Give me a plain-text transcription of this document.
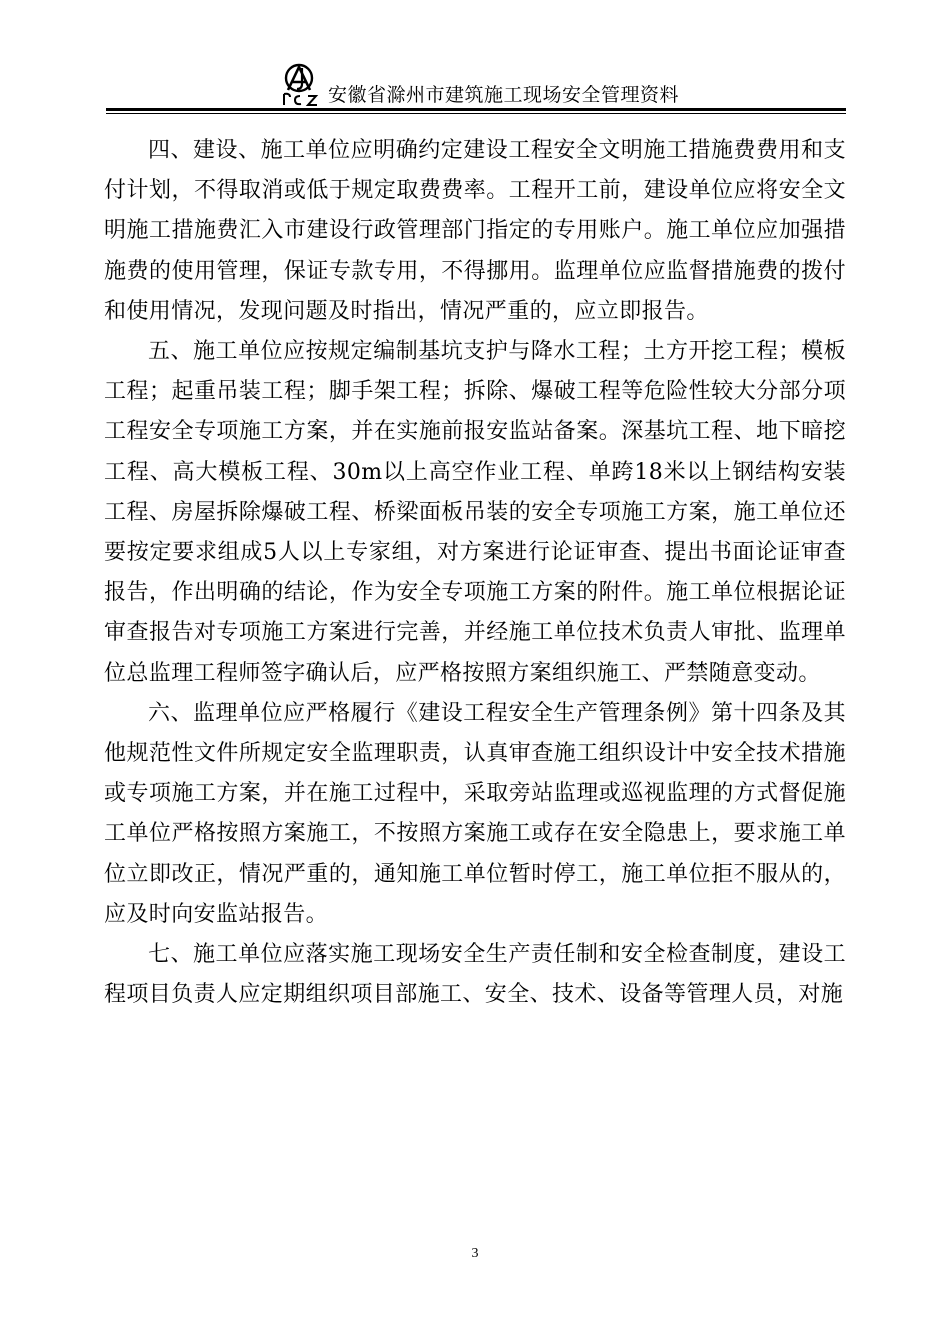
安徽省滁州市建筑施工现场安全管理资料

四、建设、施工单位应明确约定建设工程安全文明施工措施费费用和支付计划，不得取消或低于规定取费费率。工程开工前，建设单位应将安全文明施工措施费汇入市建设行政管理部门指定的专用账户。施工单位应加强措施费的使用管理，保证专款专用，不得挪用。监理单位应监督措施费的拨付和使用情况，发现问题及时指出，情况严重的，应立即报告。

五、施工单位应按规定编制基坑支护与降水工程；土方开挖工程；模板工程；起重吊装工程；脚手架工程；拆除、爆破工程等危险性较大分部分项工程安全专项施工方案，并在实施前报安监站备案。深基坑工程、地下暗挖工程、高大模板工程、30m以上高空作业工程、单跨18米以上钢结构安装工程、房屋拆除爆破工程、桥梁面板吊装的安全专项施工方案，施工单位还要按定要求组成5人以上专家组，对方案进行论证审查、提出书面论证审查报告，作出明确的结论，作为安全专项施工方案的附件。施工单位根据论证审查报告对专项施工方案进行完善，并经施工单位技术负责人审批、监理单位总监理工程师签字确认后，应严格按照方案组织施工、严禁随意变动。

六、监理单位应严格履行《建设工程安全生产管理条例》第十四条及其他规范性文件所规定安全监理职责，认真审查施工组织设计中安全技术措施或专项施工方案，并在施工过程中，采取旁站监理或巡视监理的方式督促施工单位严格按照方案施工，不按照方案施工或存在安全隐患上，要求施工单位立即改正，情况严重的，通知施工单位暂时停工，施工单位拒不服从的，应及时向安监站报告。

七、施工单位应落实施工现场安全生产责任制和安全检查制度，建设工程项目负责人应定期组织项目部施工、安全、技术、设备等管理人员，对施

3
